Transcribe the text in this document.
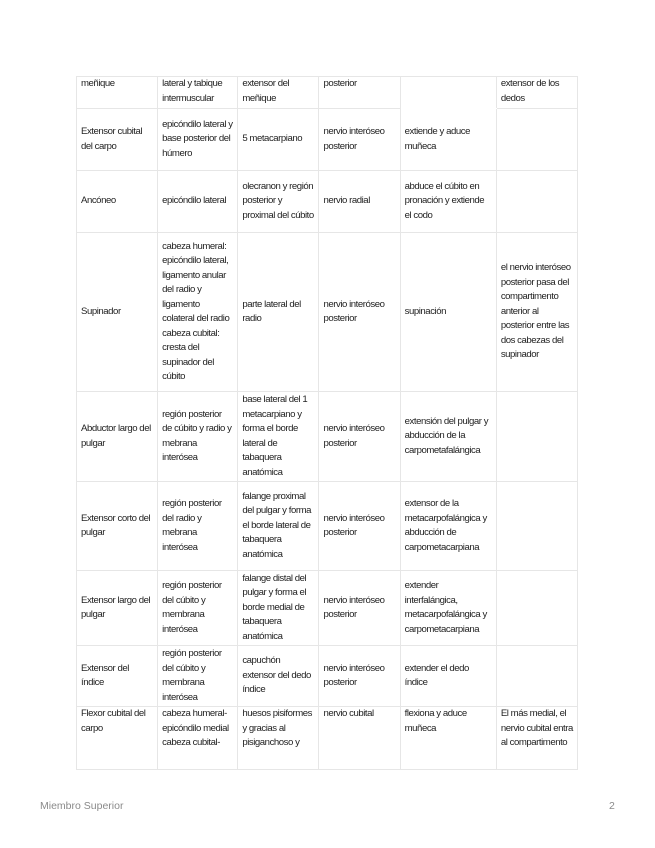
meñique	lateral y tabique intermuscular	extensor del meñique	posterior		extensor de los dedos
Extensor cubital del carpo	epicóndilo lateral y base posterior del húmero	5 metacarpiano	nervio interóseo posterior	extiende y aduce muñeca	
Ancóneo	epicóndilo lateral	olecranon y región posterior y proximal del cúbito	nervio radial	abduce el cúbito en pronación y extiende el codo	
Supinador	cabeza humeral: epicóndilo lateral, ligamento anular del radio y ligamento colateral del radio cabeza cubital: cresta del supinador del cúbito	parte lateral del radio	nervio interóseo posterior	supinación	el nervio interóseo posterior pasa del compartimento anterior al posterior entre las dos cabezas del supinador
Abductor largo del pulgar	región posterior de cúbito y radio y mebrana interósea	base lateral del 1 metacarpiano y forma el borde lateral de tabaquera anatómica	nervio interóseo posterior	extensión del pulgar y abducción de la carpometafalángica	
Extensor corto del pulgar	región posterior del radio y mebrana interósea	falange proximal del pulgar y forma el borde lateral de tabaquera anatómica	nervio interóseo posterior	extensor de la metacarpofalángica y abducción de carpometacarpiana	
Extensor largo del pulgar	región posterior del cúbito y membrana interósea	falange distal del pulgar y forma el borde medial de tabaquera anatómica	nervio interóseo posterior	extender interfalángica, metacarpofalángica y carpometacarpiana	
Extensor del índice	región posterior del cúbito y membrana interósea	capuchón extensor del dedo índice	nervio interóseo posterior	extender el dedo índice	
Flexor cubital del carpo	cabeza humeral- epicóndilo medial cabeza cubital-	huesos pisiformes y gracias al pisiganchoso y	nervio cubital	flexiona y aduce muñeca	El más medial, el nervio cubital entra al compartimento
Miembro Superior	2
